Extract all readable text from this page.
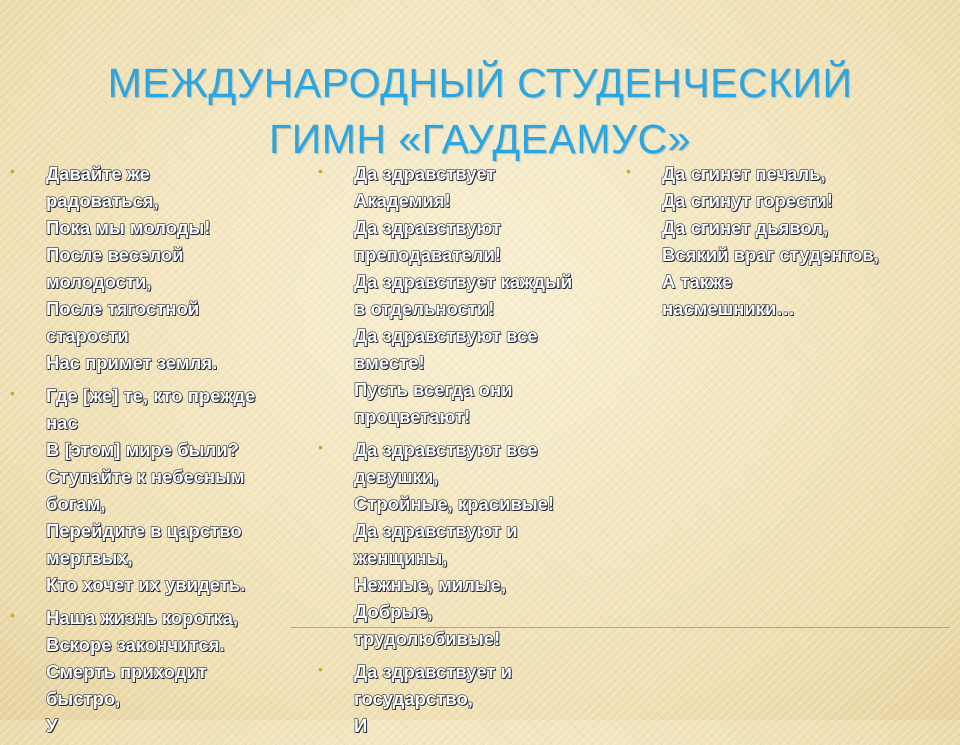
МЕЖДУНАРОДНЫЙ СТУДЕНЧЕСКИЙ
ГИМН «ГАУДЕАМУС»
• Давайте же
радоваться,
Пока мы молоды!
После веселой
молодости,
После тягостной
старости
Нас примет земля.
• Где [же] те, кто прежде
нас
В [этом] мире были?
Ступайте к небесным
богам,
Перейдите в царство
мертвых,
Кто хочет их увидеть.
• Наша жизнь коротка,
Вскоре закончится.
Смерть приходит
быстро,
У
• Да здравствует
Академия!
Да здравствуют
преподаватели!
Да здравствует каждый
в отдельности!
Да здравствуют все
вместе!
Пусть всегда они
процветают!
• Да здравствуют все
девушки,
Стройные, красивые!
Да здравствуют и
женщины,
Нежные, милые,
Добрые,
трудолюбивые!
• Да здравствует и
государство,
И
• Да сгинет печаль,
Да сгинут горести!
Да сгинет дьявол,
Всякий враг студентов,
А также
насмешники…
